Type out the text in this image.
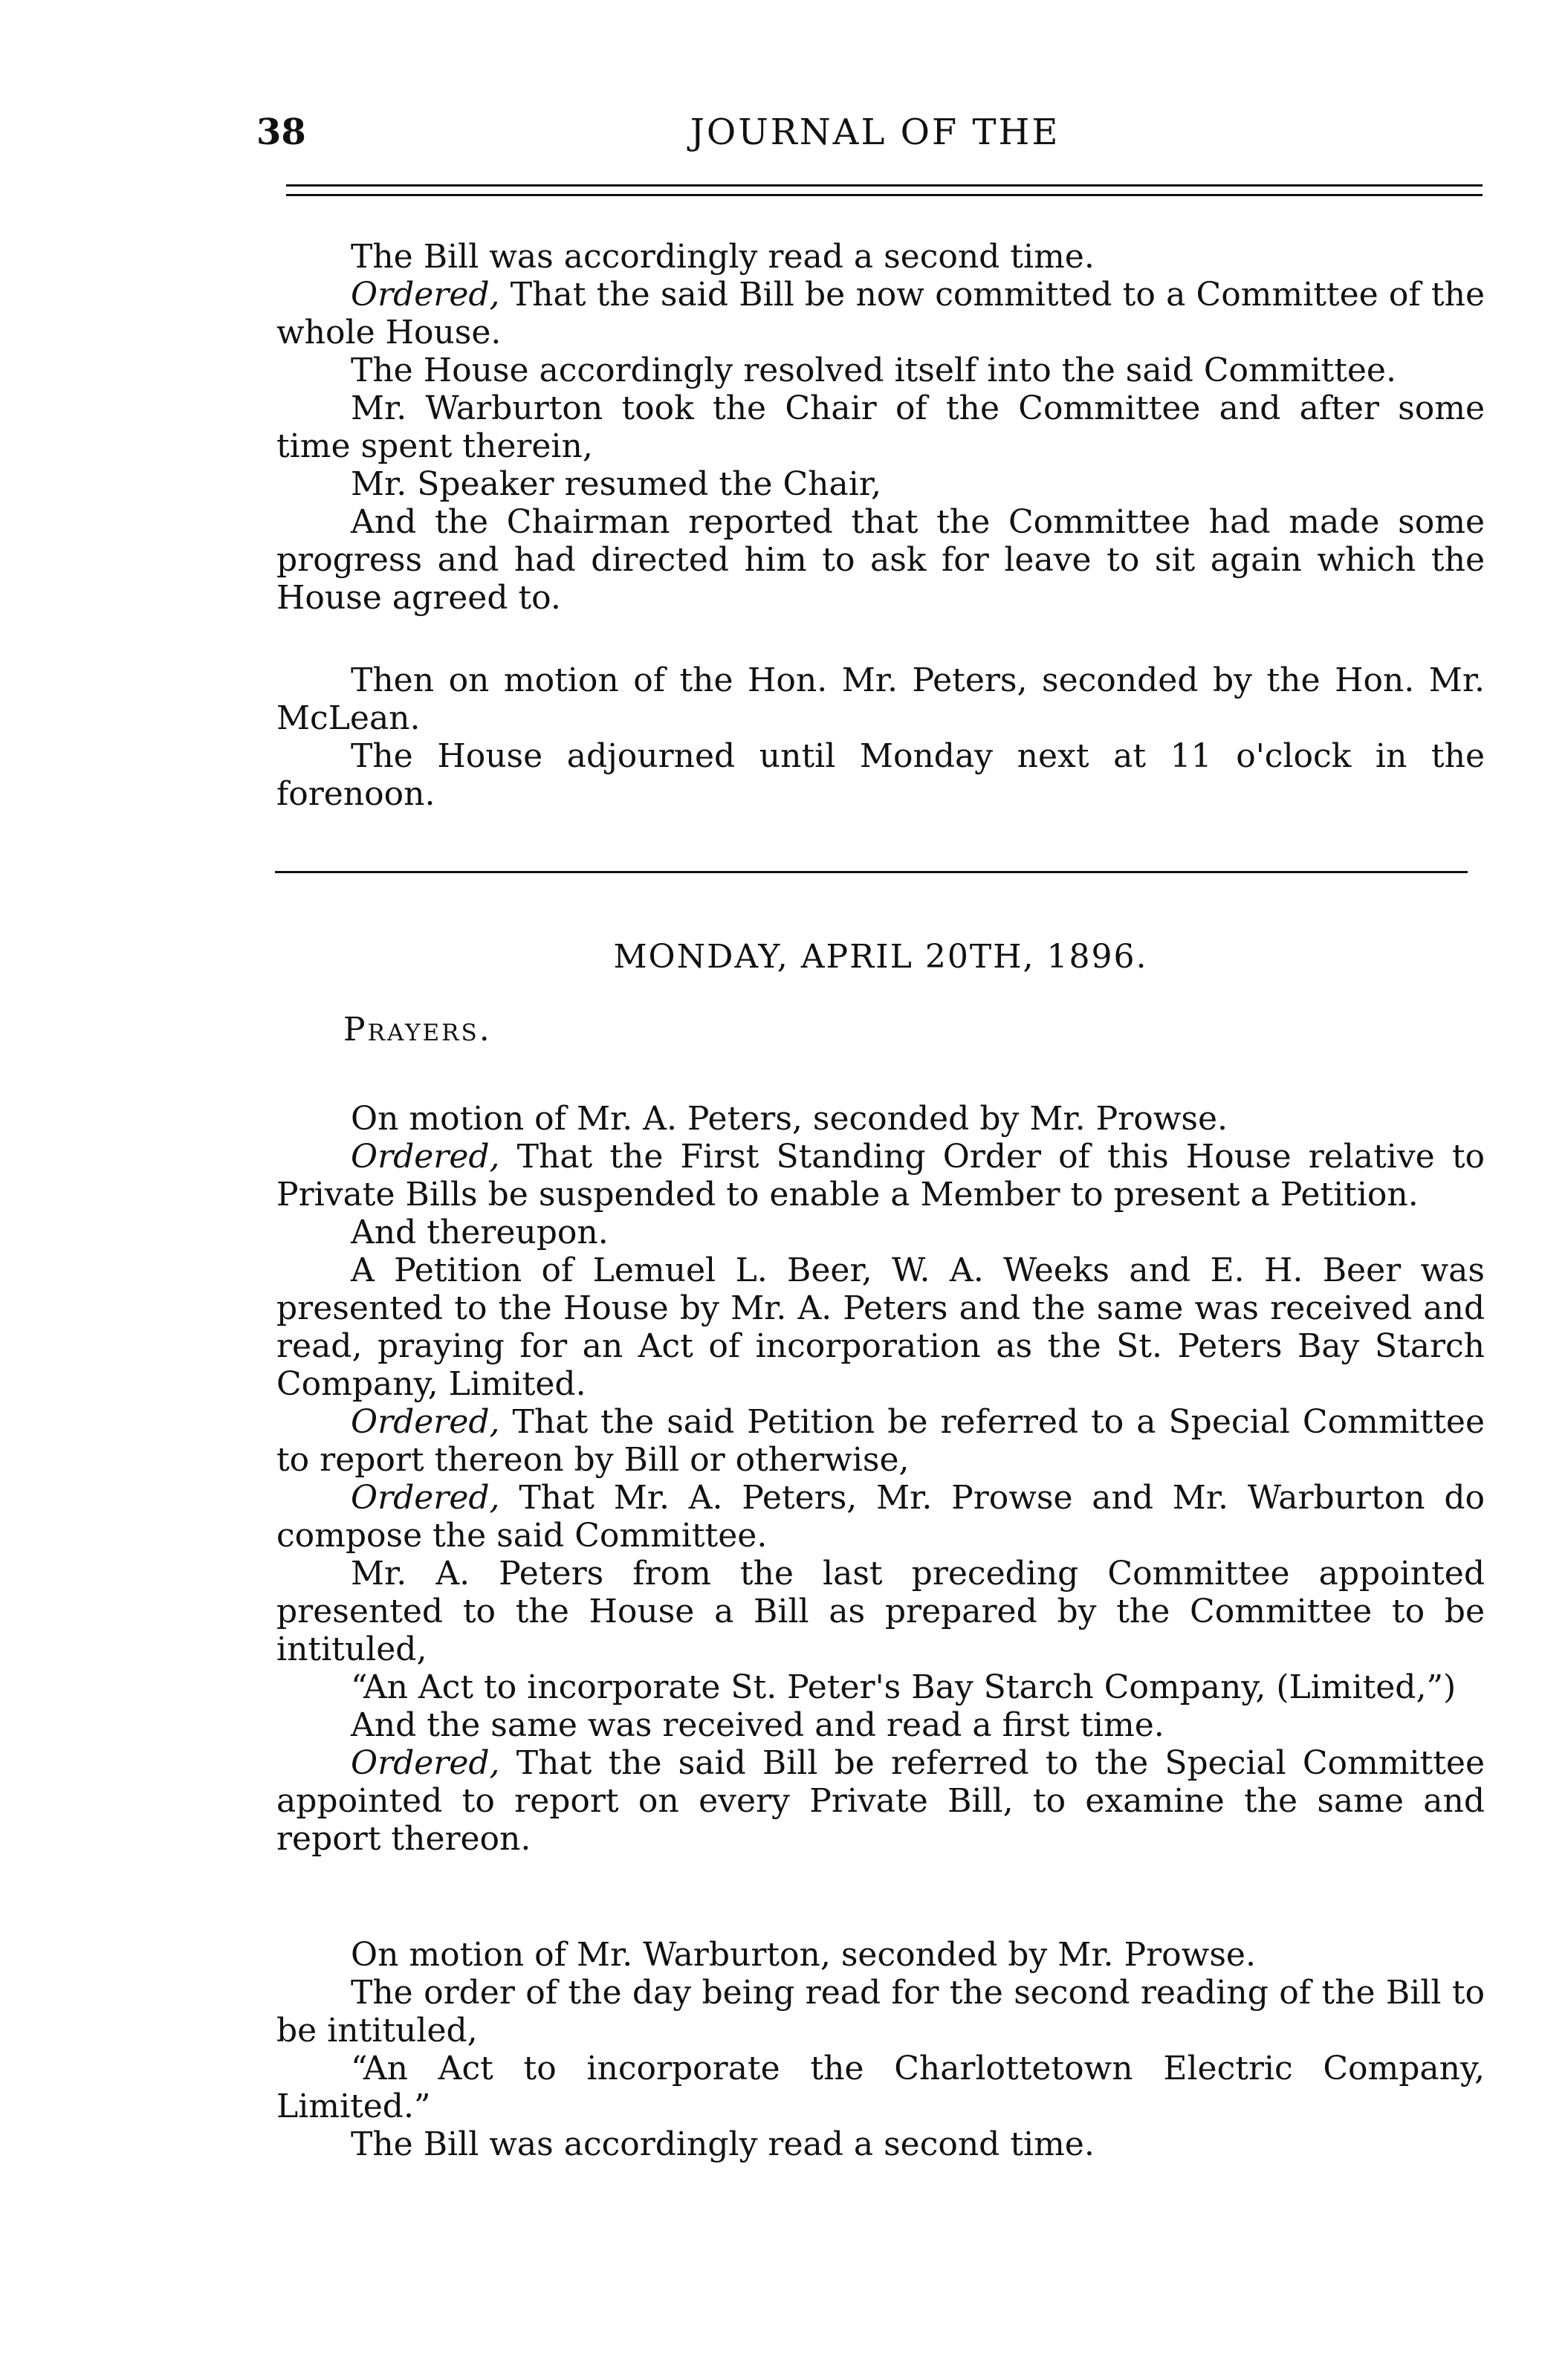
38	JOURNAL OF THE

The Bill was accordingly read a second time.

Ordered, That the said Bill be now committed to a Committee of the whole House.

The House accordingly resolved itself into the said Committee.

Mr. Warburton took the Chair of the Committee and after some time spent therein,

Mr. Speaker resumed the Chair,

And the Chairman reported that the Committee had made some progress and had directed him to ask for leave to sit again which the House agreed to.

Then on motion of the Hon. Mr. Peters, seconded by the Hon. Mr. McLean.

The House adjourned until Monday next at 11 o'clock in the forenoon.

MONDAY, APRIL 20TH, 1896.
Prayers.

On motion of Mr. A. Peters, seconded by Mr. Prowse.

Ordered, That the First Standing Order of this House relative to Private Bills be suspended to enable a Member to present a Petition.

And thereupon.

A Petition of Lemuel L. Beer, W. A. Weeks and E. H. Beer was presented to the House by Mr. A. Peters and the same was received and read, praying for an Act of incorporation as the St. Peters Bay Starch Company, Limited.

Ordered, That the said Petition be referred to a Special Committee to report thereon by Bill or otherwise,

Ordered, That Mr. A. Peters, Mr. Prowse and Mr. Warburton do compose the said Committee.

Mr. A. Peters from the last preceding Committee appointed presented to the House a Bill as prepared by the Committee to be intituled,

“An Act to incorporate St. Peter's Bay Starch Company, (Limited,”)

And the same was received and read a first time.

Ordered, That the said Bill be referred to the Special Committee appointed to report on every Private Bill, to examine the same and report thereon.

On motion of Mr. Warburton, seconded by Mr. Prowse.

The order of the day being read for the second reading of the Bill to be intituled,

“An Act to incorporate the Charlottetown Electric Company, Limited.”

The Bill was accordingly read a second time.
